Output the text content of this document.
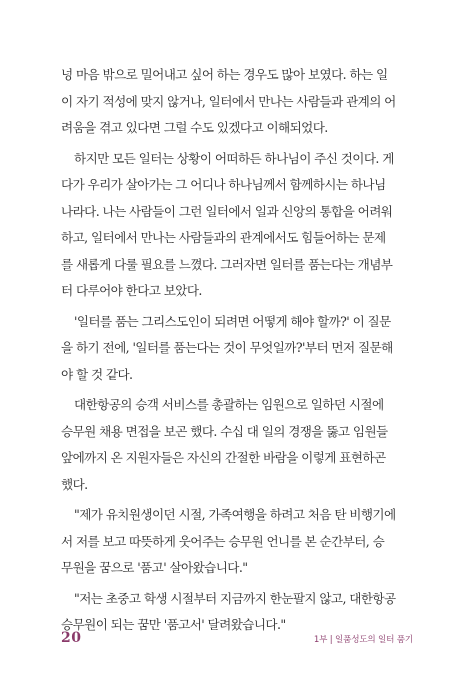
넝 마음 밖으로 밀어내고 싶어 하는 경우도 많아 보였다. 하는 일
이 자기 적성에 맞지 않거나, 일터에서 만나는 사람들과 관계의 어
려움을 겪고 있다면 그럴 수도 있겠다고 이해되었다.

하지만 모든 일터는 상황이 어떠하든 하나님이 주신 것이다. 게
다가 우리가 살아가는 그 어디나 하나님께서 함께하시는 하나님
나라다. 나는 사람들이 그런 일터에서 일과 신앙의 통합을 어려워
하고, 일터에서 만나는 사람들과의 관계에서도 힘들어하는 문제
를 새롭게 다룰 필요를 느꼈다. 그러자면 일터를 품는다는 개념부
터 다루어야 한다고 보았다.

'일터를 품는 그리스도인이 되려면 어떻게 해야 할까?' 이 질문
을 하기 전에, '일터를 품는다는 것이 무엇일까?'부터 먼저 질문해
야 할 것 같다.

대한항공의 승객 서비스를 총괄하는 임원으로 일하던 시절에
승무원 채용 면접을 보곤 했다. 수십 대 일의 경쟁을 뚫고 임원들
앞에까지 온 지원자들은 자신의 간절한 바람을 이렇게 표현하곤
했다.

"제가 유치원생이던 시절, 가족여행을 하려고 처음 탄 비행기에
서 저를 보고 따뜻하게 웃어주는 승무원 언니를 본 순간부터, 승
무원을 꿈으로 '품고' 살아왔습니다."

"저는 초중고 학생 시절부터 지금까지 한눈팔지 않고, 대한항공
승무원이 되는 꿈만 '품고서' 달려왔습니다."

20	1부 | 일품성도의 일터 품기
